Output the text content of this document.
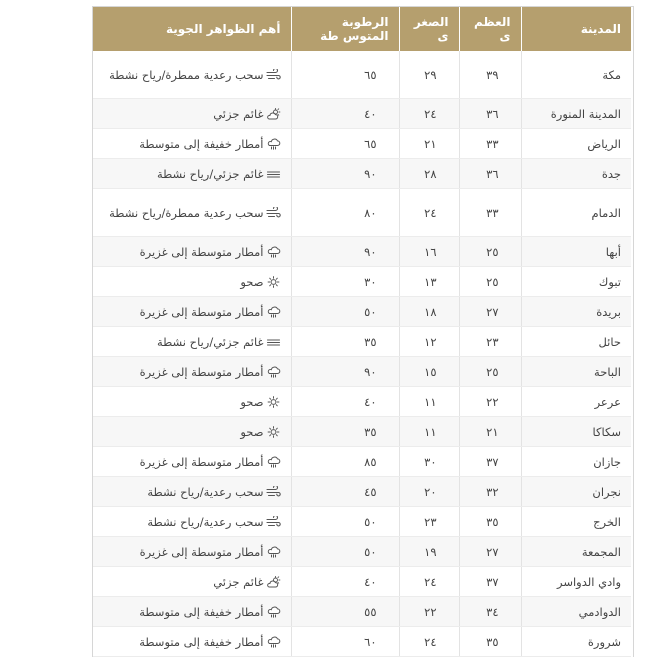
المدينة	العظم ى	الصغر ى	الرطوبة المتوس طة	أهم الظواهر الجوية
مكة	٣٩	٢٩	٦٥	سحب رعدية ممطرة/رياح نشطة
المدينة المنورة	٣٦	٢٤	٤٠	غائم جزئي
الرياض	٣٣	٢١	٦٥	أمطار خفيفة إلى متوسطة
جدة	٣٦	٢٨	٩٠	غائم جزئي/رياح نشطة
الدمام	٣٣	٢٤	٨٠	سحب رعدية ممطرة/رياح نشطة
أبها	٢٥	١٦	٩٠	أمطار متوسطة إلى غزيرة
تبوك	٢٥	١٣	٣٠	صحو
بريدة	٢٧	١٨	٥٠	أمطار متوسطة إلى غزيرة
حائل	٢٣	١٢	٣٥	غائم جزئي/رياح نشطة
الباحة	٢٥	١٥	٩٠	أمطار متوسطة إلى غزيرة
عرعر	٢٢	١١	٤٠	صحو
سكاكا	٢١	١١	٣٥	صحو
جازان	٣٧	٣٠	٨٥	أمطار متوسطة إلى غزيرة
نجران	٣٢	٢٠	٤٥	سحب رعدية/رياح نشطة
الخرج	٣٥	٢٣	٥٠	سحب رعدية/رياح نشطة
المجمعة	٢٧	١٩	٥٠	أمطار متوسطة إلى غزيرة
وادي الدواسر	٣٧	٢٤	٤٠	غائم جزئي
الدوادمي	٣٤	٢٢	٥٥	أمطار خفيفة إلى متوسطة
شرورة	٣٥	٢٤	٦٠	أمطار خفيفة إلى متوسطة
